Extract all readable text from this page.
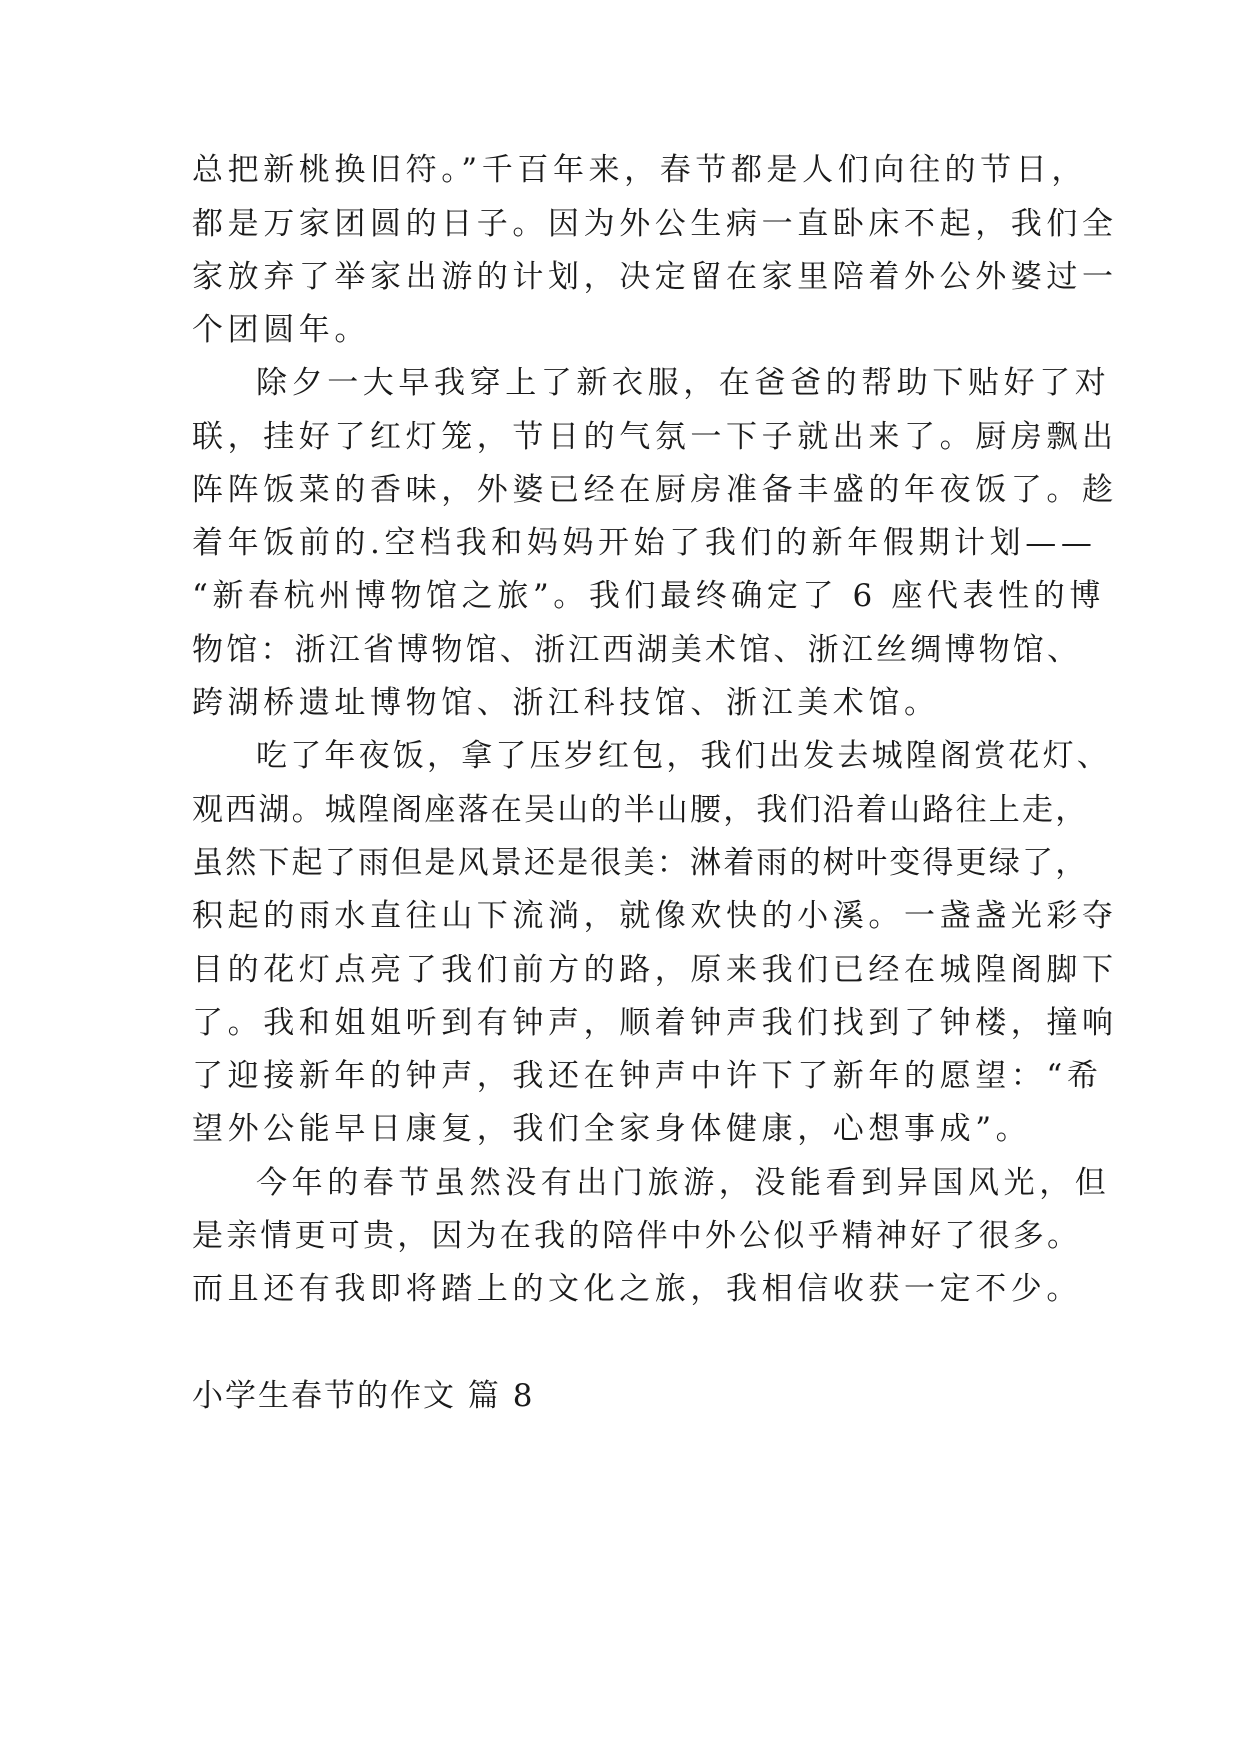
总把新桃换旧符。”千百年来，春节都是人们向往的节日，
都是万家团圆的日子。因为外公生病一直卧床不起，我们全
家放弃了举家出游的计划，决定留在家里陪着外公外婆过一
个团圆年。
除夕一大早我穿上了新衣服，在爸爸的帮助下贴好了对
联，挂好了红灯笼，节日的气氛一下子就出来了。厨房飘出
阵阵饭菜的香味，外婆已经在厨房准备丰盛的年夜饭了。趁
着年饭前的.空档我和妈妈开始了我们的新年假期计划——
“新春杭州博物馆之旅”。我们最终确定了 6 座代表性的博
物馆：浙江省博物馆、浙江西湖美术馆、浙江丝绸博物馆、
跨湖桥遗址博物馆、浙江科技馆、浙江美术馆。
吃了年夜饭，拿了压岁红包，我们出发去城隍阁赏花灯、
观西湖。城隍阁座落在吴山的半山腰，我们沿着山路往上走，
虽然下起了雨但是风景还是很美：淋着雨的树叶变得更绿了，
积起的雨水直往山下流淌，就像欢快的小溪。一盏盏光彩夺
目的花灯点亮了我们前方的路，原来我们已经在城隍阁脚下
了。我和姐姐听到有钟声，顺着钟声我们找到了钟楼，撞响
了迎接新年的钟声，我还在钟声中许下了新年的愿望：“希
望外公能早日康复，我们全家身体健康，心想事成”。
今年的春节虽然没有出门旅游，没能看到异国风光，但
是亲情更可贵，因为在我的陪伴中外公似乎精神好了很多。
而且还有我即将踏上的文化之旅，我相信收获一定不少。
小学生春节的作文 篇 8
